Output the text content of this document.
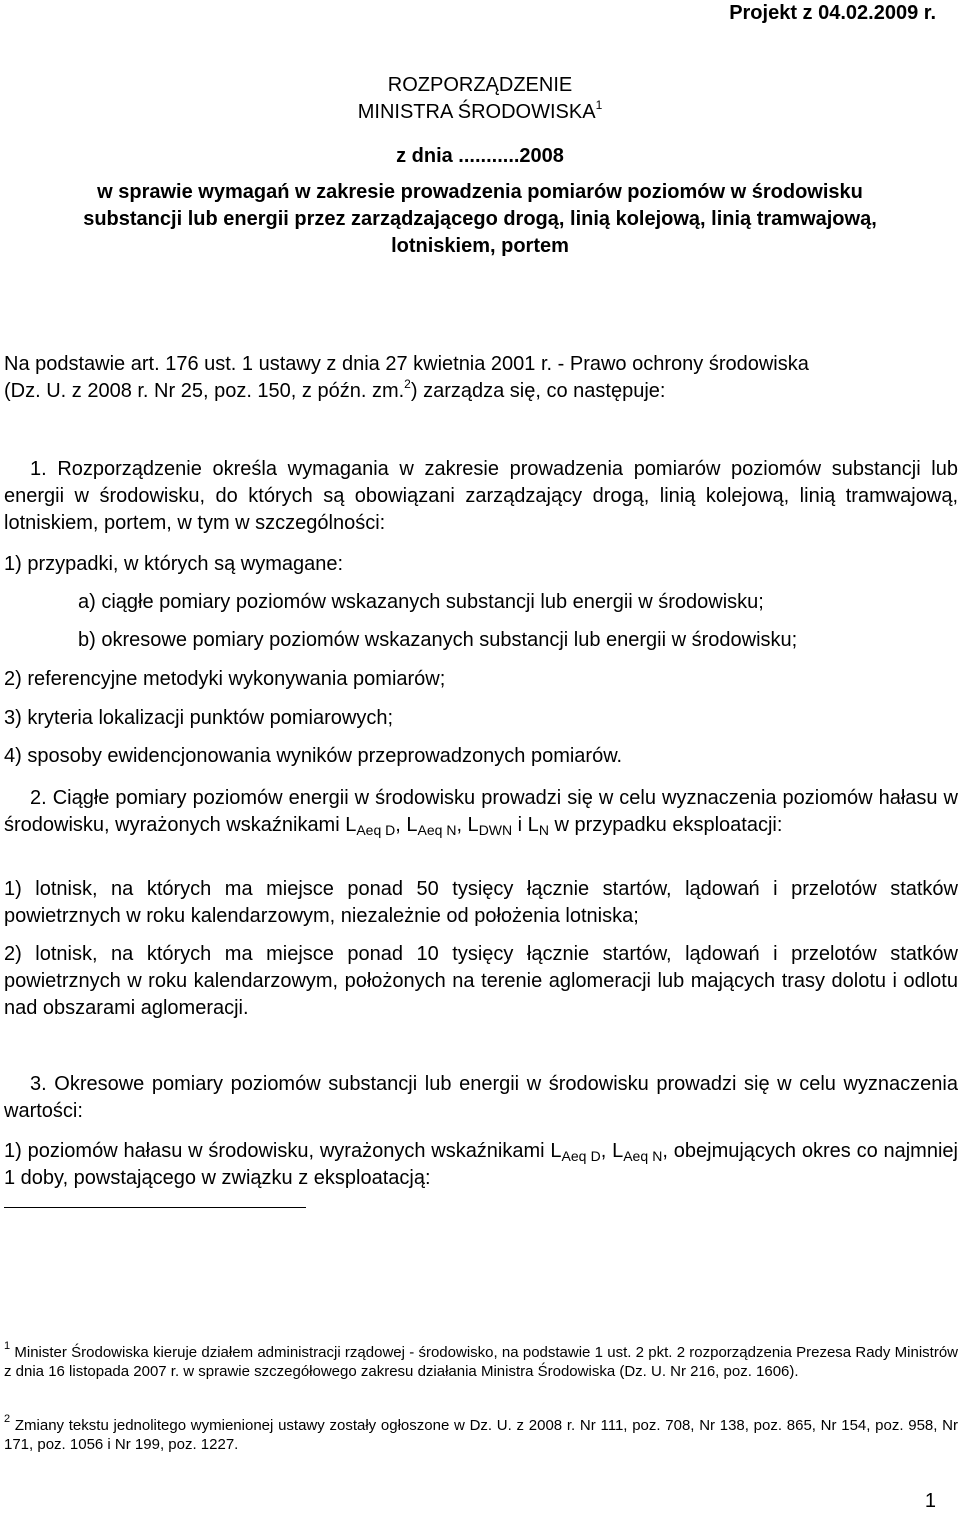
Projekt z 04.02.2009 r.
ROZPORZĄDZENIE
MINISTRA ŚRODOWISKA$^1$
z dnia ...........2008
w sprawie wymagań w zakresie prowadzenia pomiarów poziomów w środowisku
substancji lub energii przez zarządzającego drogą, linią kolejową, linią tramwajową,
lotniskiem, portem
Na podstawie art. 176 ust. 1 ustawy z dnia 27 kwietnia 2001 r. - Prawo ochrony środowiska
(Dz. U. z 2008 r. Nr 25, poz. 150, z późn. zm.$^2$) zarządza się, co następuje:
1. Rozporządzenie określa wymagania w zakresie prowadzenia pomiarów poziomów substancji lub energii w środowisku, do których są obowiązani zarządzający drogą, linią kolejową, linią tramwajową, lotniskiem, portem, w tym w szczególności:
1) przypadki, w których są wymagane:
a) ciągłe pomiary poziomów wskazanych substancji lub energii w środowisku;
b) okresowe pomiary poziomów wskazanych substancji lub energii w środowisku;
2) referencyjne metodyki wykonywania pomiarów;
3) kryteria lokalizacji punktów pomiarowych;
4) sposoby ewidencjonowania wyników przeprowadzonych pomiarów.
2. Ciągłe pomiary poziomów energii w środowisku prowadzi się w celu wyznaczenia poziomów hałasu w środowisku, wyrażonych wskaźnikami $L_{Aeq D}$, $L_{Aeq N}$, $L_{DWN}$ i $L_N$ w przypadku eksploatacji:
1) lotnisk, na których ma miejsce ponad 50 tysięcy łącznie startów, lądowań i przelotów statków powietrznych w roku kalendarzowym, niezależnie od położenia lotniska;
2) lotnisk, na których ma miejsce ponad 10 tysięcy łącznie startów, lądowań i przelotów statków powietrznych w roku kalendarzowym, położonych na terenie aglomeracji lub mających trasy dolotu i odlotu nad obszarami aglomeracji.
3. Okresowe pomiary poziomów substancji lub energii w środowisku prowadzi się w celu wyznaczenia wartości:
1) poziomów hałasu w środowisku, wyrażonych wskaźnikami $L_{Aeq D}$, $L_{Aeq N}$, obejmujących okres co najmniej 1 doby, powstającego w związku z eksploatacją:
$^1$ Minister Środowiska kieruje działem administracji rządowej - środowisko, na podstawie 1 ust. 2 pkt. 2 rozporządzenia Prezesa Rady Ministrów z dnia 16 listopada 2007 r. w sprawie szczegółowego zakresu działania Ministra Środowiska (Dz. U. Nr 216, poz. 1606).
$^2$ Zmiany tekstu jednolitego wymienionej ustawy zostały ogłoszone w Dz. U. z 2008 r. Nr 111, poz. 708, Nr 138, poz. 865, Nr 154, poz. 958, Nr 171, poz. 1056 i Nr 199, poz. 1227.
1
